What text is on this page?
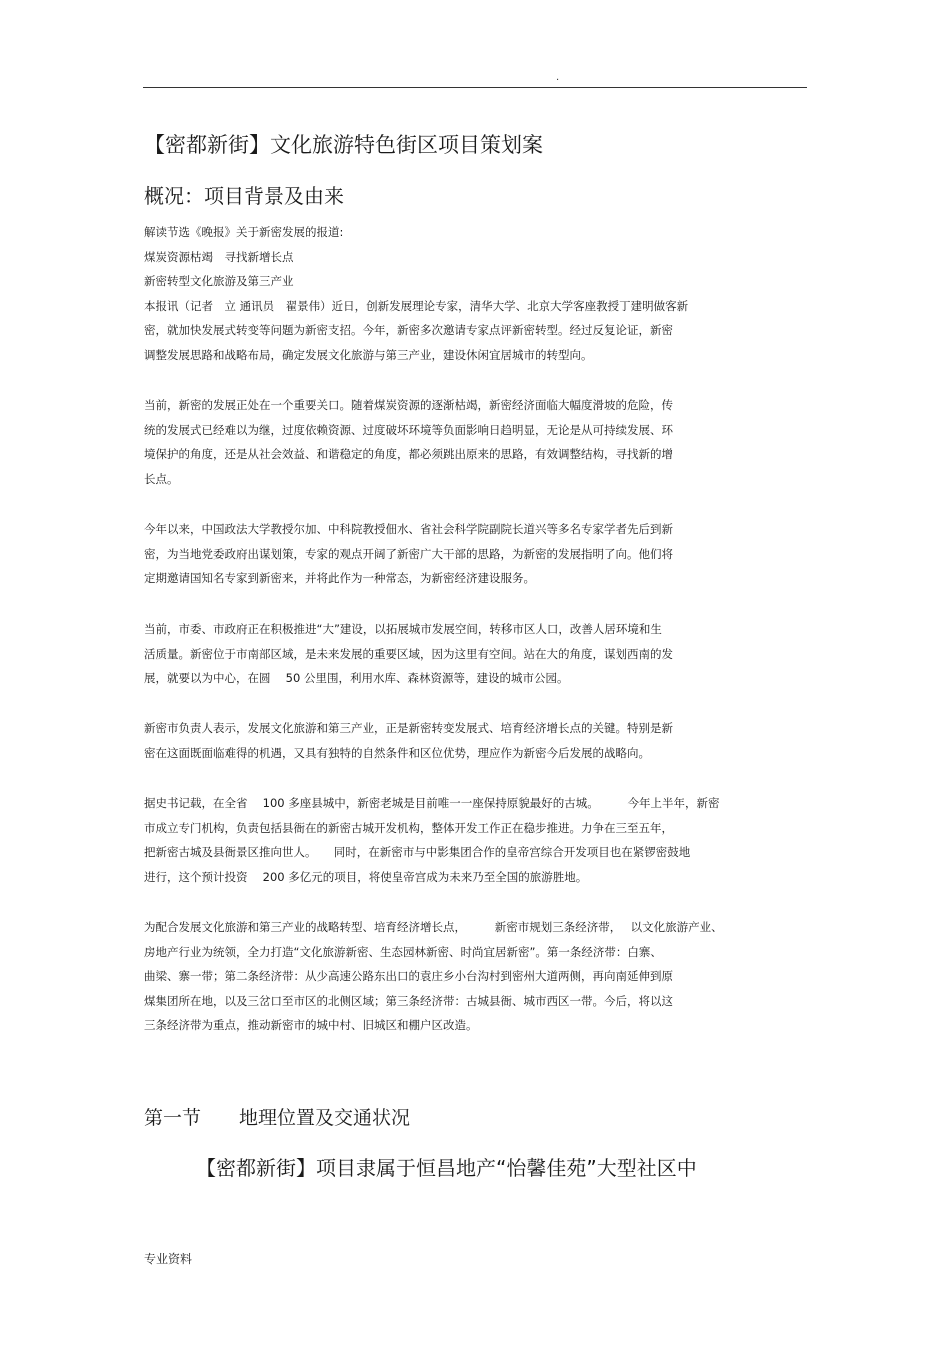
.
【密都新街】文化旅游特色街区项目策划案
概况：项目背景及由来
解读节选《晚报》关于新密发展的报道:
煤炭资源枯竭　寻找新增长点
新密转型文化旅游及第三产业
本报讯（记者　立 通讯员　翟景伟）近日，创新发展理论专家，清华大学、北京大学客座教授丁建明做客新
密，就加快发展式转变等问题为新密支招。今年，新密多次邀请专家点评新密转型。经过反复论证，新密
调整发展思路和战略布局，确定发展文化旅游与第三产业，建设休闲宜居城市的转型向。
当前，新密的发展正处在一个重要关口。随着煤炭资源的逐渐枯竭，新密经济面临大幅度滑坡的危险，传
统的发展式已经难以为继，过度依赖资源、过度破坏环境等负面影响日趋明显，无论是从可持续发展、环
境保护的角度，还是从社会效益、和谐稳定的角度，都必须跳出原来的思路，有效调整结构，寻找新的增
长点。
今年以来，中国政法大学教授尔加、中科院教授佃水、省社会科学院副院长道兴等多名专家学者先后到新
密，为当地党委政府出谋划策，专家的观点开阔了新密广大干部的思路，为新密的发展指明了向。他们将
定期邀请国知名专家到新密来，并将此作为一种常态，为新密经济建设服务。
当前，市委、市政府正在积极推进“大”建设，以拓展城市发展空间，转移市区人口，改善人居环境和生
活质量。新密位于市南部区域，是未来发展的重要区域，因为这里有空间。站在大的角度，谋划西南的发
展，就要以为中心，在圆　 50 公里围，利用水库、森林资源等，建设的城市公园。
新密市负责人表示，发展文化旅游和第三产业，正是新密转变发展式、培育经济增长点的关键。特别是新
密在这面既面临难得的机遇，又具有独特的自然条件和区位优势，理应作为新密今后发展的战略向。
据史书记载，在全省　 100 多座县城中，新密老城是目前唯一一座保持原貌最好的古城。　　　今年上半年，新密
市成立专门机构，负责包括县衙在的新密古城开发机构，整体开发工作正在稳步推进。力争在三至五年，
把新密古城及县衙景区推向世人。　　同时，在新密市与中影集团合作的皇帝宫综合开发项目也在紧锣密鼓地
进行，这个预计投资　 200 多亿元的项目，将使皇帝宫成为未来乃至全国的旅游胜地。
为配合发展文化旅游和第三产业的战略转型、培育经济增长点，　　　新密市规划三条经济带，　 以文化旅游产业、
房地产行业为统领，全力打造“文化旅游新密、生态园林新密、时尚宜居新密”。第一条经济带：白寨、
曲梁、寨一带；第二条经济带：从少高速公路东出口的袁庄乡小台沟村到密州大道两侧，再向南延伸到原
煤集团所在地，以及三岔口至市区的北侧区域；第三条经济带：古城县衙、城市西区一带。今后，将以这
三条经济带为重点，推动新密市的城中村、旧城区和棚户区改造。
第一节　　地理位置及交通状况
【密都新街】项目隶属于恒昌地产“怡馨佳苑”大型社区中
专业资料
